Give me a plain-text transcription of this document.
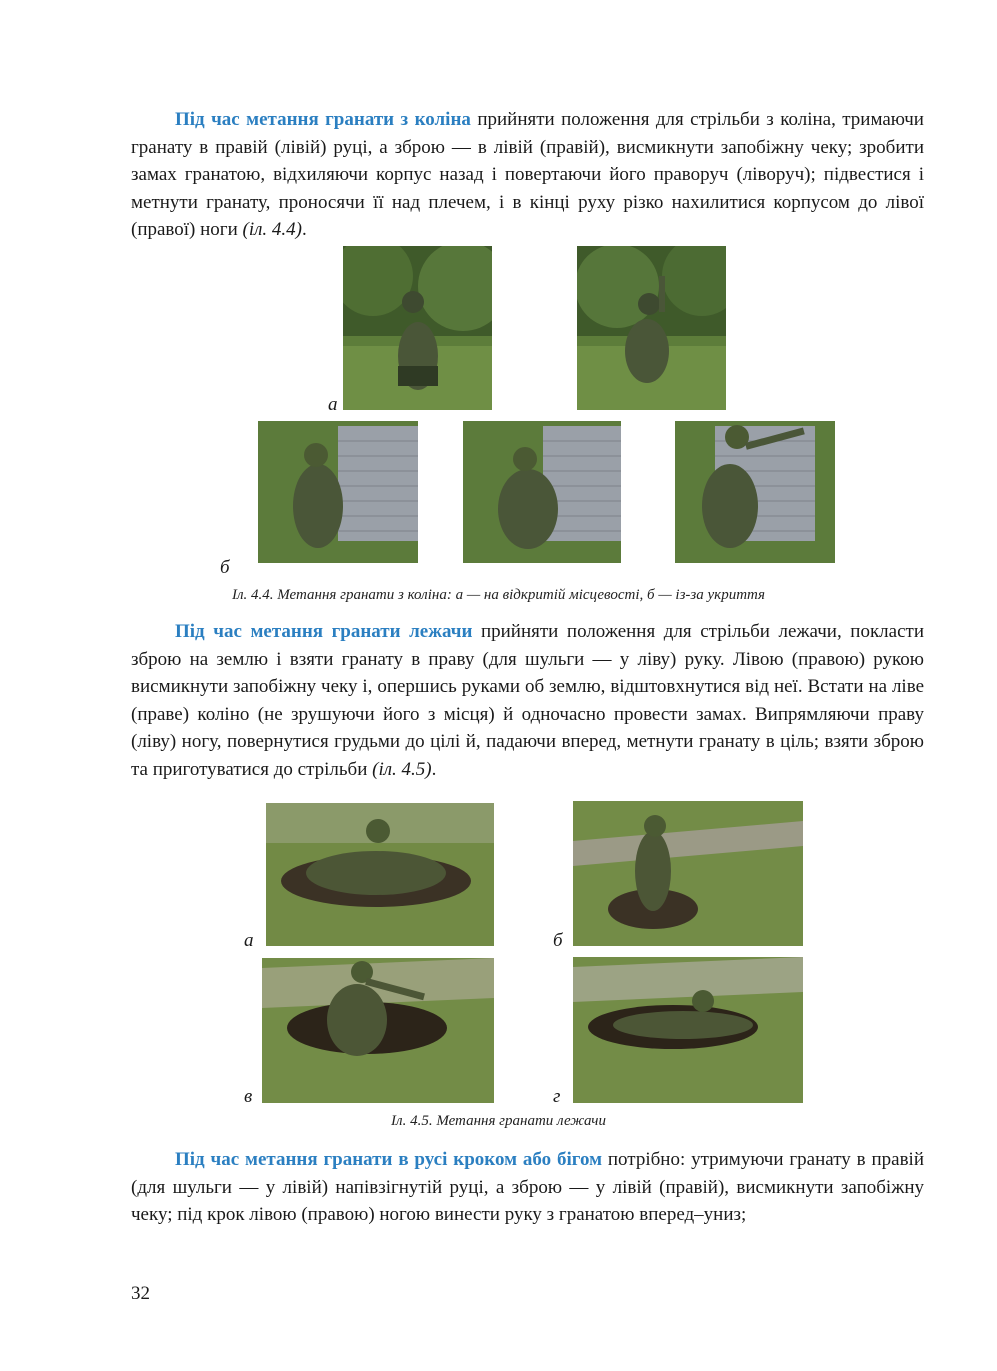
Під час метання гранати з коліна прийняти положення для стрільби з коліна, тримаючи гранату в правій (лівій) руці, а зброю — в лівій (правій), висмикнути запобіжну чеку; зробити замах гранатою, відхиляючи корпус назад і повертаючи його праворуч (ліворуч); підвестися і метнути гранату, проносячи її над плечем, і в кінці руху різко нахилитися корпусом до лівої (правої) ноги (іл. 4.4).

а
б
Іл. 4.4. Метання гранати з коліна: а — на відкритій місцевості, б — із-за укриття

Під час метання гранати лежачи прийняти положення для стрільби лежачи, покласти зброю на землю і взяти гранату в праву (для шульги — у ліву) руку. Лівою (правою) рукою висмикнути запобіжну чеку і, опершись руками об землю, відштовхнутися від неї. Встати на ліве (праве) коліно (не зрушуючи його з місця) й одночасно провести замах. Випрямляючи праву (ліву) ногу, повернутися грудьми до цілі й, падаючи вперед, метнути гранату в ціль; взяти зброю та приготуватися до стрільби (іл. 4.5).

а	б
в	г
Іл. 4.5. Метання гранати лежачи

Під час метання гранати в русі кроком або бігом потрібно: утримуючи гранату в правій (для шульги — у лівій) напівзігнутій руці, а зброю — у лівій (правій), висмикнути запобіжну чеку; під крок лівою (правою) ногою винести руку з гранатою вперед–униз;

32
